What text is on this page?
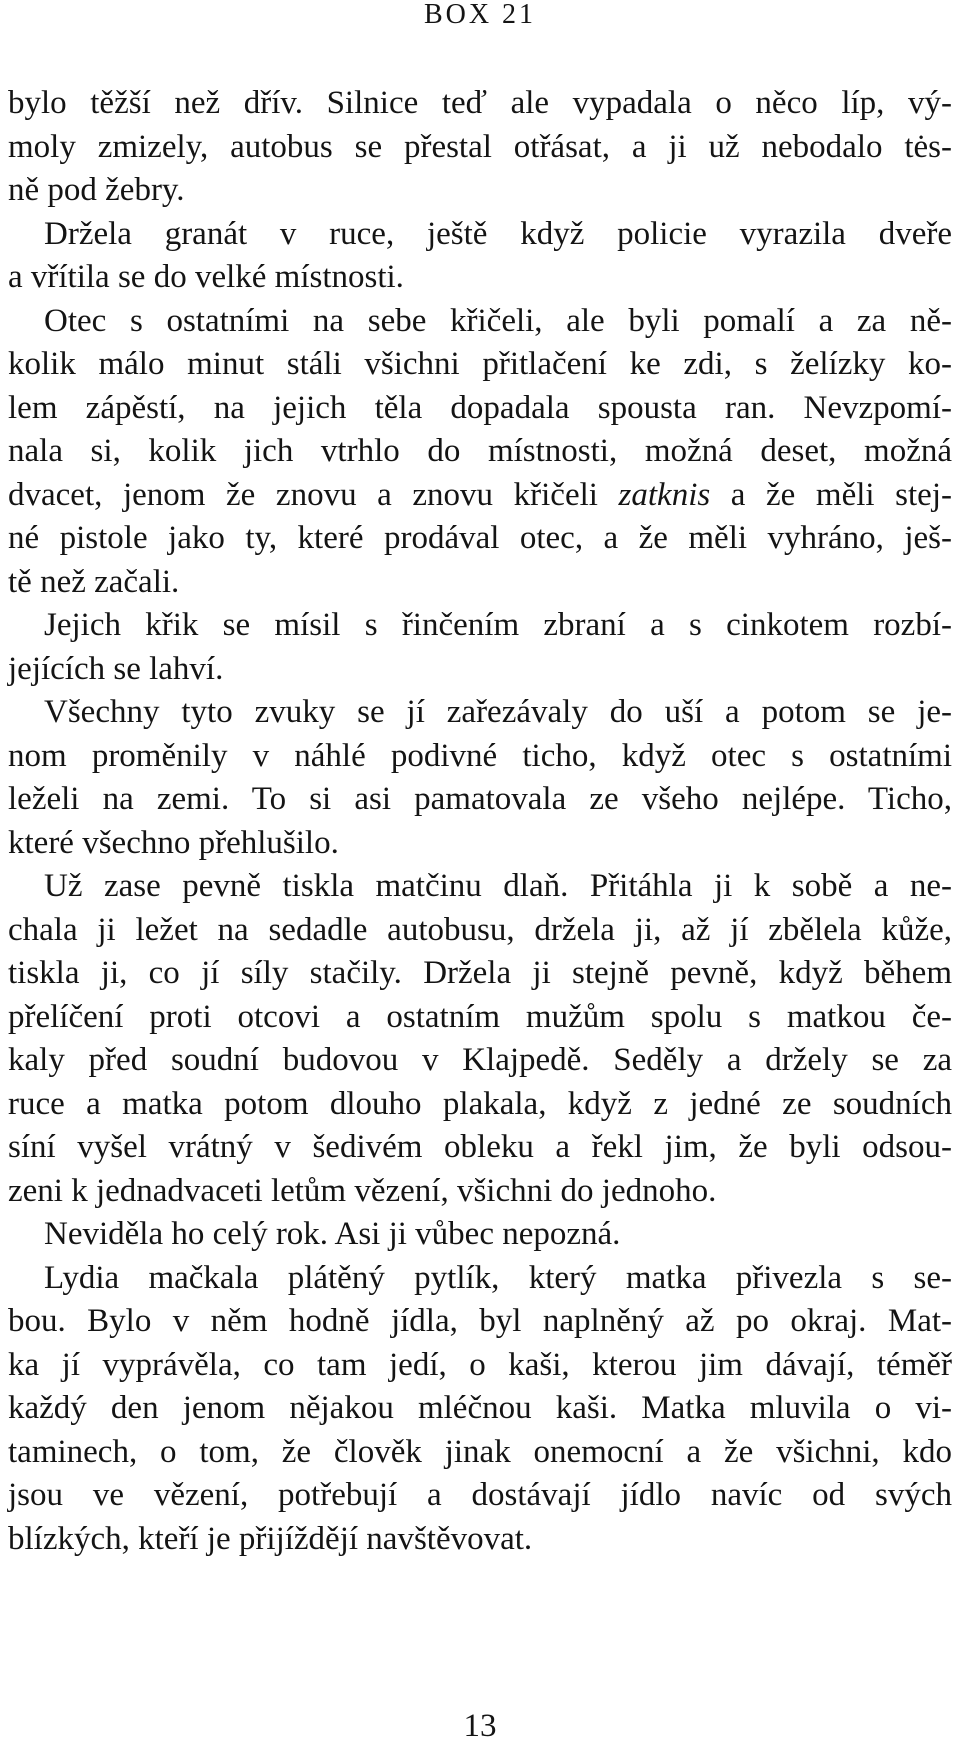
BOX 21
bylo těžší než dřív. Silnice teď ale vypadala o něco líp, vý-
moly zmizely, autobus se přestal otřásat, a ji už nebodalo tės-
ně pod žebry.
Držela granát v ruce, ještě když policie vyrazila dveře
a vřítila se do velké místnosti.
Otec s ostatními na sebe křičeli, ale byli pomalí a za ně-
kolik málo minut stáli všichni přitlačení ke zdi, s želízky ko-
lem zápěstí, na jejich těla dopadala spousta ran. Nevzpomí-
nala si, kolik jich vtrhlo do místnosti, možná deset, možná
dvacet, jenom že znovu a znovu křičeli zatknis a že měli stej-
né pistole jako ty, které prodával otec, a že měli vyhráno, ješ-
tě než začali.
Jejich křik se mísil s řinčením zbraní a s cinkotem rozbí-
jejících se lahví.
Všechny tyto zvuky se jí zařezávaly do uší a potom se je-
nom proměnily v náhlé podivné ticho, když otec s ostatními
leželi na zemi. To si asi pamatovala ze všeho nejlépe. Ticho,
které všechno přehlušilo.
Už zase pevně tiskla matčinu dlaň. Přitáhla ji k sobě a ne-
chala ji ležet na sedadle autobusu, držela ji, až jí zbělela kůže,
tiskla ji, co jí síly stačily. Držela ji stejně pevně, když během
přelíčení proti otcovi a ostatním mužům spolu s matkou če-
kaly před soudní budovou v Klajpedě. Seděly a držely se za
ruce a matka potom dlouho plakala, když z jedné ze soudních
síní vyšel vrátný v šedivém obleku a řekl jim, že byli odsou-
zeni k jednadvaceti letům vězení, všichni do jednoho.
Neviděla ho celý rok. Asi ji vůbec nepozná.
Lydia mačkala plátěný pytlík, který matka přivezla s se-
bou. Bylo v něm hodně jídla, byl naplněný až po okraj. Mat-
ka jí vyprávěla, co tam jedí, o kaši, kterou jim dávají, téměř
každý den jenom nějakou mléčnou kaši. Matka mluvila o vi-
taminech, o tom, že člověk jinak onemocní a že všichni, kdo
jsou ve vězení, potřebují a dostávají jídlo navíc od svých
blízkých, kteří je přijíždějí navštěvovat.
13
